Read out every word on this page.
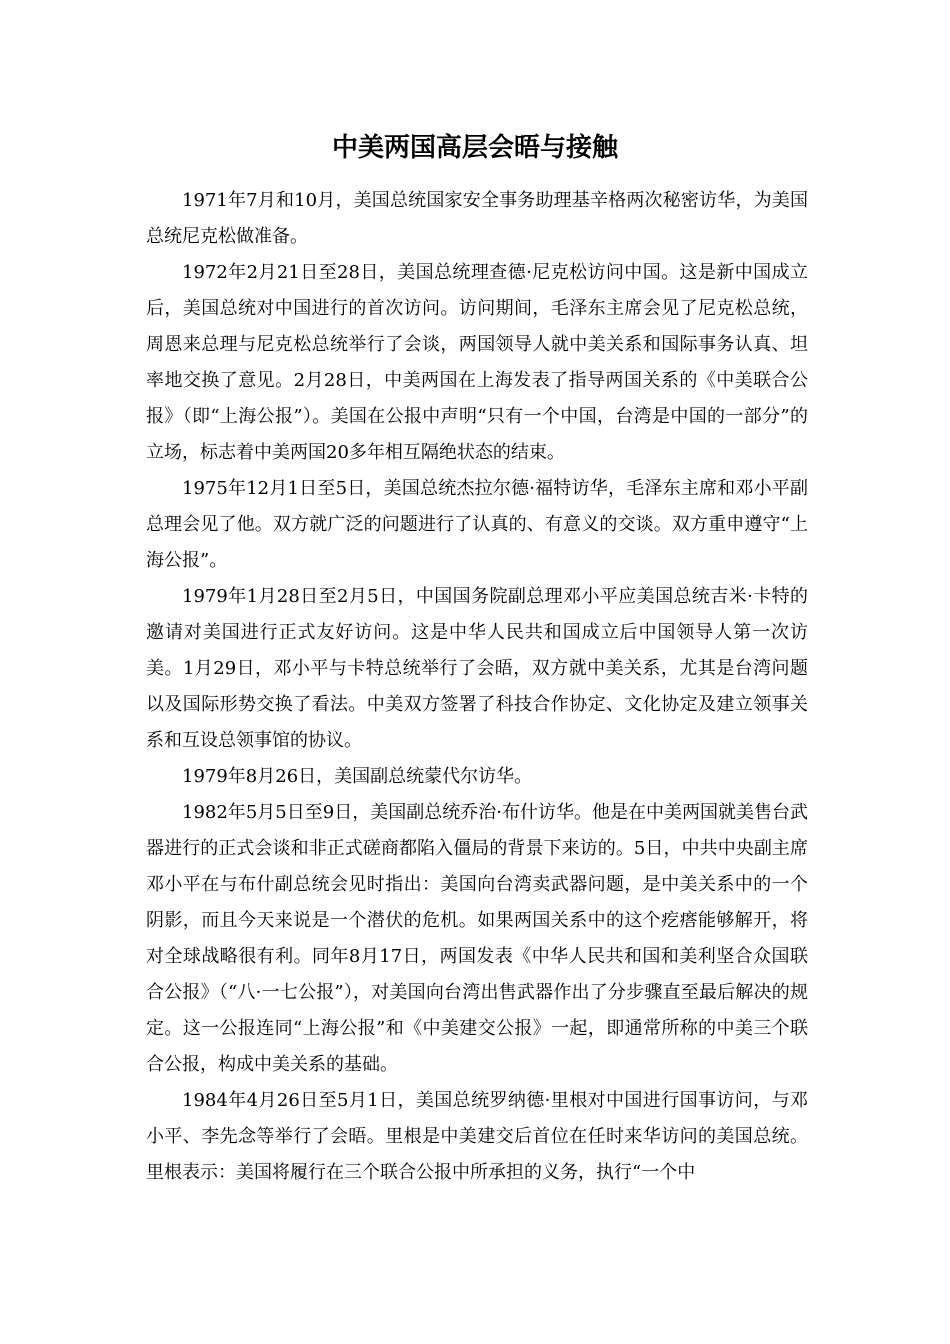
中美两国高层会晤与接触

1971年7月和10月，美国总统国家安全事务助理基辛格两次秘密访华，为美国总统尼克松做准备。

1972年2月21日至28日，美国总统理查德·尼克松访问中国。这是新中国成立后，美国总统对中国进行的首次访问。访问期间，毛泽东主席会见了尼克松总统，周恩来总理与尼克松总统举行了会谈，两国领导人就中美关系和国际事务认真、坦率地交换了意见。2月28日，中美两国在上海发表了指导两国关系的《中美联合公报》（即“上海公报”）。美国在公报中声明“只有一个中国，台湾是中国的一部分”的立场，标志着中美两国20多年相互隔绝状态的结束。

1975年12月1日至5日，美国总统杰拉尔德·福特访华，毛泽东主席和邓小平副总理会见了他。双方就广泛的问题进行了认真的、有意义的交谈。双方重申遵守“上海公报”。

1979年1月28日至2月5日，中国国务院副总理邓小平应美国总统吉米·卡特的邀请对美国进行正式友好访问。这是中华人民共和国成立后中国领导人第一次访美。1月29日，邓小平与卡特总统举行了会晤，双方就中美关系，尤其是台湾问题以及国际形势交换了看法。中美双方签署了科技合作协定、文化协定及建立领事关系和互设总领事馆的协议。

1979年8月26日，美国副总统蒙代尔访华。

1982年5月5日至9日，美国副总统乔治·布什访华。他是在中美两国就美售台武器进行的正式会谈和非正式磋商都陷入僵局的背景下来访的。5日，中共中央副主席邓小平在与布什副总统会见时指出：美国向台湾卖武器问题，是中美关系中的一个阴影，而且今天来说是一个潜伏的危机。如果两国关系中的这个疙瘩能够解开，将对全球战略很有利。同年8月17日，两国发表《中华人民共和国和美利坚合众国联合公报》（“八·一七公报”），对美国向台湾出售武器作出了分步骤直至最后解决的规定。这一公报连同“上海公报”和《中美建交公报》一起，即通常所称的中美三个联合公报，构成中美关系的基础。

1984年4月26日至5月1日，美国总统罗纳德·里根对中国进行国事访问，与邓小平、李先念等举行了会晤。里根是中美建交后首位在任时来华访问的美国总统。里根表示：美国将履行在三个联合公报中所承担的义务，执行“一个中
